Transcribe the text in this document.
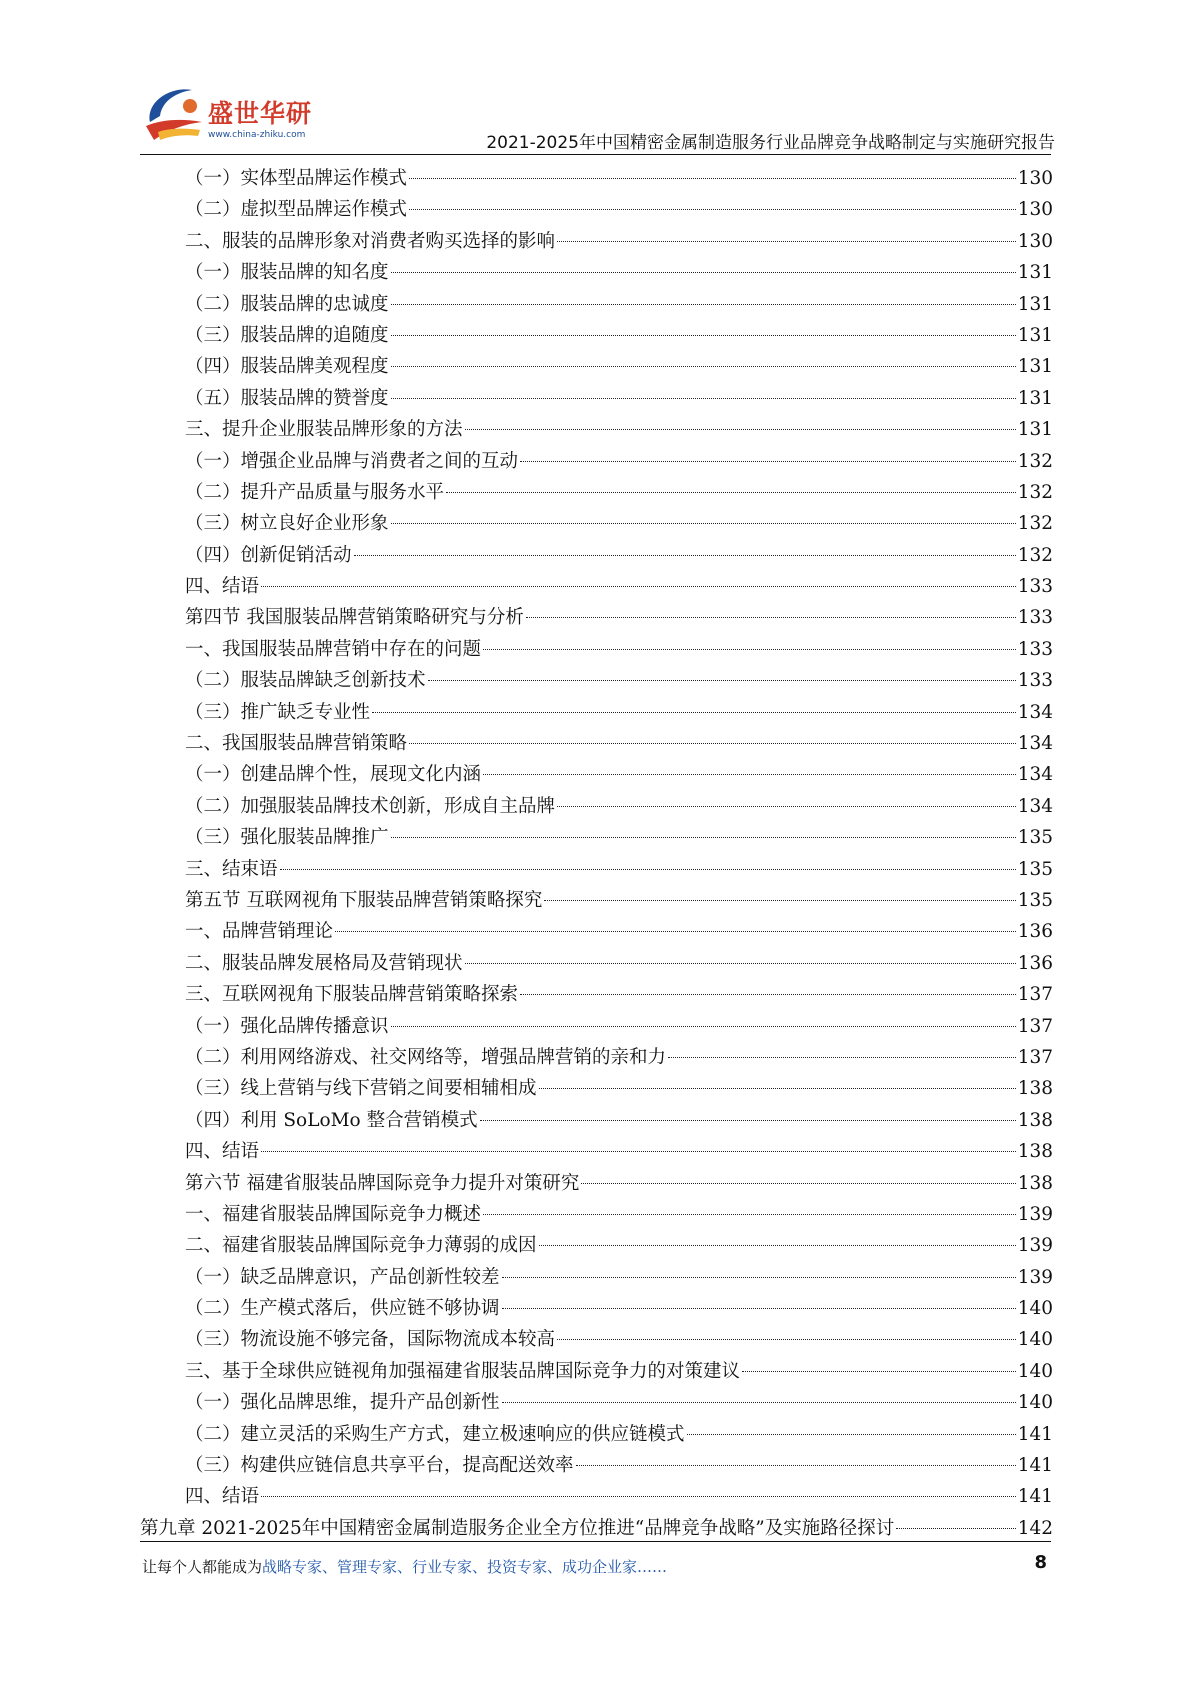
盛世华研
www.china-zhiku.com	2021-2025年中国精密金属制造服务行业品牌竞争战略制定与实施研究报告
（一）实体型品牌运作模式	130
（二）虚拟型品牌运作模式	130
二、服装的品牌形象对消费者购买选择的影响	130
（一）服装品牌的知名度	131
（二）服装品牌的忠诚度	131
（三）服装品牌的追随度	131
（四）服装品牌美观程度	131
（五）服装品牌的赞誉度	131
三、提升企业服装品牌形象的方法	131
（一）增强企业品牌与消费者之间的互动	132
（二）提升产品质量与服务水平	132
（三）树立良好企业形象	132
（四）创新促销活动	132
四、结语	133
第四节 我国服装品牌营销策略研究与分析	133
一、我国服装品牌营销中存在的问题	133
（二）服装品牌缺乏创新技术	133
（三）推广缺乏专业性	134
二、我国服装品牌营销策略	134
（一）创建品牌个性，展现文化内涵	134
（二）加强服装品牌技术创新，形成自主品牌	134
（三）强化服装品牌推广	135
三、结束语	135
第五节 互联网视角下服装品牌营销策略探究	135
一、品牌营销理论	136
二、服装品牌发展格局及营销现状	136
三、互联网视角下服装品牌营销策略探索	137
（一）强化品牌传播意识	137
（二）利用网络游戏、社交网络等，增强品牌营销的亲和力	137
（三）线上营销与线下营销之间要相辅相成	138
（四）利用 SoLoMo 整合营销模式	138
四、结语	138
第六节 福建省服装品牌国际竞争力提升对策研究	138
一、福建省服装品牌国际竞争力概述	139
二、福建省服装品牌国际竞争力薄弱的成因	139
（一）缺乏品牌意识，产品创新性较差	139
（二）生产模式落后，供应链不够协调	140
（三）物流设施不够完备，国际物流成本较高	140
三、基于全球供应链视角加强福建省服装品牌国际竞争力的对策建议	140
（一）强化品牌思维，提升产品创新性	140
（二）建立灵活的采购生产方式，建立极速响应的供应链模式	141
（三）构建供应链信息共享平台，提高配送效率	141
四、结语	141
第九章 2021-2025年中国精密金属制造服务企业全方位推进“品牌竞争战略”及实施路径探讨	142
让每个人都能成为战略专家、管理专家、行业专家、投资专家、成功企业家……	8
